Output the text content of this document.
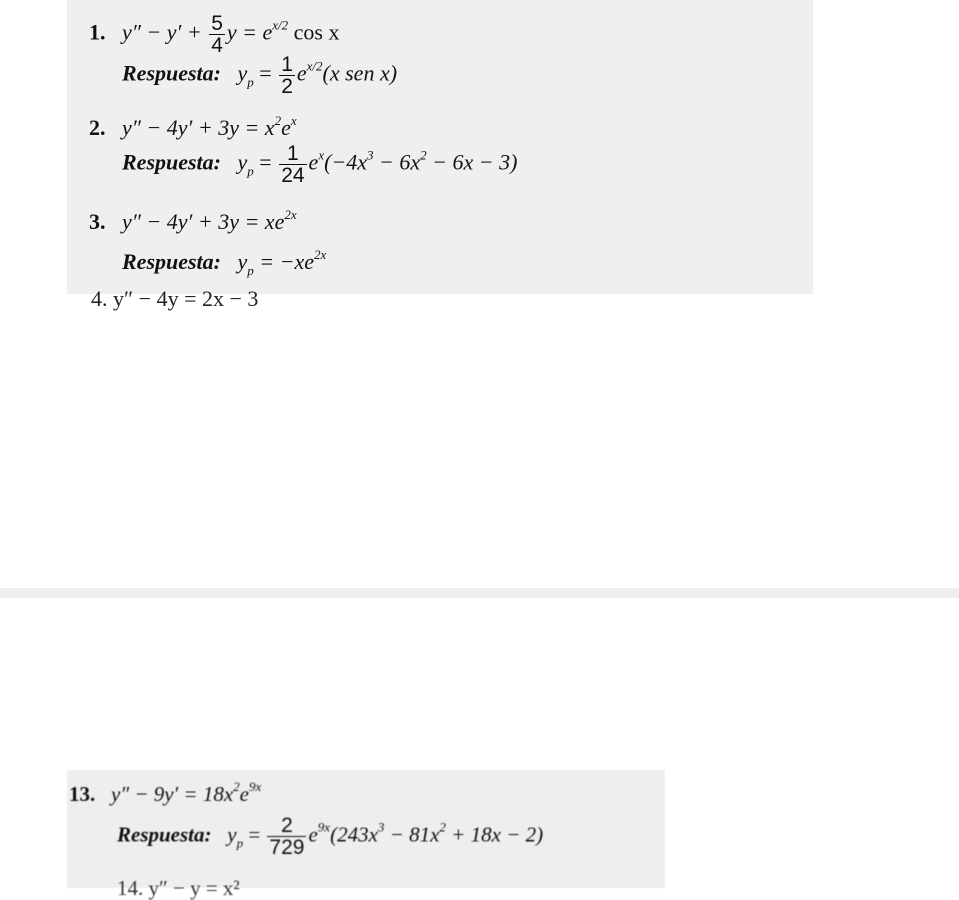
1. $y'' - y' + \frac{5}{4}$ $y = e^{x/2}$ cos x
Respuesta: $y_p = \frac{1}{2} e^{x/2}(x$ sen x)
2. $y'' - 4y' + 3y = x^2e^x$
Respuesta: $y_p = \frac{1}{24} e^x(-4x^3 - 6x^2 - 6x - 3)$
3. $y'' - 4y' + 3y = xe^{2x}$
Respuesta: $y_p = -xe^{2x}$
4. y″ − 4y = 2x − 3
13. $y'' - 9y' = 18x^2e^{9x}$
Respuesta: $y_p = \frac{2}{729} e^{9x}(243x^3 - 81x^2 + 18x - 2)$
14. y″ − y = x²
